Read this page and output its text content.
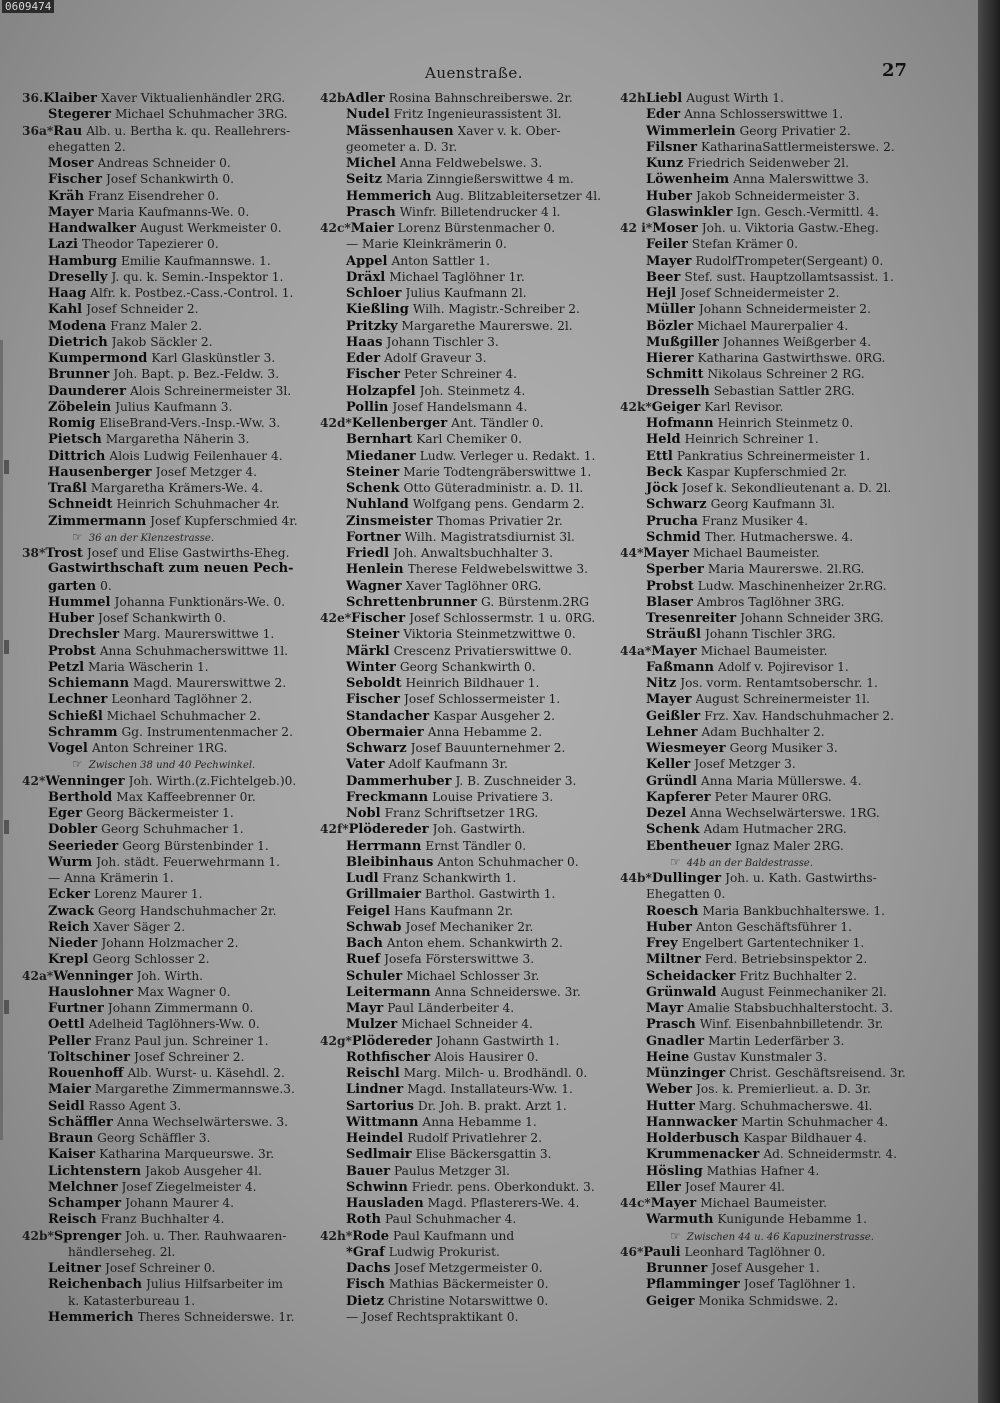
0609474
Auenstraße.	27
36. Klaiber Xaver Viktualienhändler 2RG.
Stegerer Michael Schuhmacher 3RG.
36a* Rau Alb. u. Bertha k. qu. Reallehrers-
ehegatten 2.
Moser Andreas Schneider 0.
Fischer Josef Schankwirth 0.
Kräh Franz Eisendreher 0.
Mayer Maria Kaufmanns-We. 0.
Handwalker August Werkmeister 0.
Lazi Theodor Tapezierer 0.
Hamburg Emilie Kaufmannswe. 1.
Dreselly J. qu. k. Semin.-Inspektor 1.
Haag Alfr. k. Postbez.-Cass.-Control. 1.
Kahl Josef Schneider 2.
Modena Franz Maler 2.
Dietrich Jakob Säckler 2.
Kumpermond Karl Glaskünstler 3.
Brunner Joh. Bapt. p. Bez.-Feldw. 3.
Daunderer Alois Schreinermeister 3l.
Zöbelein Julius Kaufmann 3.
Romig EliseBrand-Vers.-Insp.-Ww. 3.
Pietsch Margaretha Näherin 3.
Dittrich Alois Ludwig Feilenhauer 4.
Hausenberger Josef Metzger 4.
Traßl Margaretha Krämers-We. 4.
Schneidt Heinrich Schuhmacher 4r.
Zimmermann Josef Kupferschmied 4r.
☞ 36 an der Klenzestrasse.
38* Trost Josef und Elise Gastwirths-Eheg.
Gastwirthschaft zum neuen Pech-
garten 0.
Hummel Johanna Funktionärs-We. 0.
Huber Josef Schankwirth 0.
Drechsler Marg. Maurerswittwe 1.
Probst Anna Schuhmacherswittwe 1l.
Petzl Maria Wäscherin 1.
Schiemann Magd. Maurerswittwe 2.
Lechner Leonhard Taglöhner 2.
Schießl Michael Schuhmacher 2.
Schramm Gg. Instrumentenmacher 2.
Vogel Anton Schreiner 1RG.
☞ Zwischen 38 und 40 Pechwinkel.
42* Wenninger Joh. Wirth.(z.Fichtelgeb.)0.
Berthold Max Kaffeebrenner 0r.
Eger Georg Bäckermeister 1.
Dobler Georg Schuhmacher 1.
Seerieder Georg Bürstenbinder 1.
Wurm Joh. städt. Feuerwehrmann 1.
— Anna Krämerin 1.
Ecker Lorenz Maurer 1.
Zwack Georg Handschuhmacher 2r.
Reich Xaver Säger 2.
Nieder Johann Holzmacher 2.
Krepl Georg Schlosser 2.
42a* Wenninger Joh. Wirth.
Hauslohner Max Wagner 0.
Furtner Johann Zimmermann 0.
Oettl Adelheid Taglöhners-Ww. 0.
Peller Franz Paul jun. Schreiner 1.
Toltschiner Josef Schreiner 2.
Rouenhoff Alb. Wurst- u. Käsehdl. 2.
Maier Margarethe Zimmermannswe.3.
Seidl Rasso Agent 3.
Schäffler Anna Wechselwärterswe. 3.
Braun Georg Schäffler 3.
Kaiser Katharina Marqueurswe. 3r.
Lichtenstern Jakob Ausgeher 4l.
Melchner Josef Ziegelmeister 4.
Schamper Johann Maurer 4.
Reisch Franz Buchhalter 4.
42b* Sprenger Joh. u. Ther. Rauhwaaren-
händlerseheg. 2l.
Leitner Josef Schreiner 0.
Reichenbach Julius Hilfsarbeiter im
k. Katasterbureau 1.
Hemmerich Theres Schneiderswe. 1r.
42b Adler Rosina Bahnschreiberswe. 2r.
Nudel Fritz Ingenieurassistent 3l.
Mässenhausen Xaver v. k. Ober-
geometer a. D. 3r.
Michel Anna Feldwebelswe. 3.
Seitz Maria Zinngießerswittwe 4 m.
Hemmerich Aug. Blitzableitersetzer 4l.
Prasch Winfr. Billetendrucker 4 l.
42c* Maier Lorenz Bürstenmacher 0.
— Marie Kleinkrämerin 0.
Appel Anton Sattler 1.
Dräxl Michael Taglöhner 1r.
Schloer Julius Kaufmann 2l.
Kießling Wilh. Magistr.-Schreiber 2.
Pritzky Margarethe Maurerswe. 2l.
Haas Johann Tischler 3.
Eder Adolf Graveur 3.
Fischer Peter Schreiner 4.
Holzapfel Joh. Steinmetz 4.
Pollin Josef Handelsmann 4.
42d* Kellenberger Ant. Tändler 0.
Bernhart Karl Chemiker 0.
Miedaner Ludw. Verleger u. Redakt. 1.
Steiner Marie Todtengräberswittwe 1.
Schenk Otto Güteradministr. a. D. 1l.
Nuhland Wolfgang pens. Gendarm 2.
Zinsmeister Thomas Privatier 2r.
Fortner Wilh. Magistratsdiurnist 3l.
Friedl Joh. Anwaltsbuchhalter 3.
Henlein Therese Feldwebelswittwe 3.
Wagner Xaver Taglöhner 0RG.
Schrettenbrunner G. Bürstenm.2RG
42e* Fischer Josef Schlossermstr. 1 u. 0RG.
Steiner Viktoria Steinmetzwittwe 0.
Märkl Crescenz Privatierswittwe 0.
Winter Georg Schankwirth 0.
Seboldt Heinrich Bildhauer 1.
Fischer Josef Schlossermeister 1.
Standacher Kaspar Ausgeher 2.
Obermaier Anna Hebamme 2.
Schwarz Josef Bauunternehmer 2.
Vater Adolf Kaufmann 3r.
Dammerhuber J. B. Zuschneider 3.
Freckmann Louise Privatiere 3.
Nobl Franz Schriftsetzer 1RG.
42f* Plödereder Joh. Gastwirth.
Herrmann Ernst Tändler 0.
Bleibinhaus Anton Schuhmacher 0.
Ludl Franz Schankwirth 1.
Grillmaier Barthol. Gastwirth 1.
Feigel Hans Kaufmann 2r.
Schwab Josef Mechaniker 2r.
Bach Anton ehem. Schankwirth 2.
Ruef Josefa Försterswittwe 3.
Schuler Michael Schlosser 3r.
Leitermann Anna Schneiderswe. 3r.
Mayr Paul Länderbeiter 4.
Mulzer Michael Schneider 4.
42g* Plödereder Johann Gastwirth 1.
Rothfischer Alois Hausirer 0.
Reischl Marg. Milch- u. Brodhändl. 0.
Lindner Magd. Installateurs-Ww. 1.
Sartorius Dr. Joh. B. prakt. Arzt 1.
Wittmann Anna Hebamme 1.
Heindel Rudolf Privatlehrer 2.
Sedlmair Elise Bäckersgattin 3.
Bauer Paulus Metzger 3l.
Schwinn Friedr. pens. Oberkondukt. 3.
Hausladen Magd. Pflasterers-We. 4.
Roth Paul Schuhmacher 4.
42h* Rode Paul Kaufmann und
*Graf Ludwig Prokurist.
Dachs Josef Metzgermeister 0.
Fisch Mathias Bäckermeister 0.
Dietz Christine Notarswittwe 0.
— Josef Rechtspraktikant 0.
42h Liebl August Wirth 1.
Eder Anna Schlosserswittwe 1.
Wimmerlein Georg Privatier 2.
Filsner KatharinaSattlermeisterswe. 2.
Kunz Friedrich Seidenweber 2l.
Löwenheim Anna Malerswittwe 3.
Huber Jakob Schneidermeister 3.
Glaswinkler Ign. Gesch.-Vermittl. 4.
42 i* Moser Joh. u. Viktoria Gastw.-Eheg.
Feiler Stefan Krämer 0.
Mayer RudolfTrompeter(Sergeant) 0.
Beer Stef. sust. Hauptzollamtsassist. 1.
Hejl Josef Schneidermeister 2.
Müller Johann Schneidermeister 2.
Bözler Michael Maurerpalier 4.
Mußgiller Johannes Weißgerber 4.
Hierer Katharina Gastwirthswe. 0RG.
Schmitt Nikolaus Schreiner 2 RG.
Dresselh Sebastian Sattler 2RG.
42k* Geiger Karl Revisor.
Hofmann Heinrich Steinmetz 0.
Held Heinrich Schreiner 1.
Ettl Pankratius Schreinermeister 1.
Beck Kaspar Kupferschmied 2r.
Jöck Josef k. Sekondlieutenant a. D. 2l.
Schwarz Georg Kaufmann 3l.
Prucha Franz Musiker 4.
Schmid Ther. Hutmacherswe. 4.
44* Mayer Michael Baumeister.
Sperber Maria Maurerswe. 2l.RG.
Probst Ludw. Maschinenheizer 2r.RG.
Blaser Ambros Taglöhner 3RG.
Tresenreiter Johann Schneider 3RG.
Sträußl Johann Tischler 3RG.
44a* Mayer Michael Baumeister.
Faßmann Adolf v. Pojirevisor 1.
Nitz Jos. vorm. Rentamtsoberschr. 1.
Mayer August Schreinermeister 1l.
Geißler Frz. Xav. Handschuhmacher 2.
Lehner Adam Buchhalter 2.
Wiesmeyer Georg Musiker 3.
Keller Josef Metzger 3.
Gründl Anna Maria Müllerswe. 4.
Kapferer Peter Maurer 0RG.
Dezel Anna Wechselwärterswe. 1RG.
Schenk Adam Hutmacher 2RG.
Ebentheuer Ignaz Maler 2RG.
☞ 44b an der Baldestrasse.
44b* Dullinger Joh. u. Kath. Gastwirths-
Ehegatten 0.
Roesch Maria Bankbuchhalterswe. 1.
Huber Anton Geschäftsführer 1.
Frey Engelbert Gartentechniker 1.
Miltner Ferd. Betriebsinspektor 2.
Scheidacker Fritz Buchhalter 2.
Grünwald August Feinmechaniker 2l.
Mayr Amalie Stabsbuchhalterstocht. 3.
Prasch Winf. Eisenbahnbilletendr. 3r.
Gnadler Martin Lederfärber 3.
Heine Gustav Kunstmaler 3.
Münzinger Christ. Geschäftsreisend. 3r.
Weber Jos. k. Premierlieut. a. D. 3r.
Hutter Marg. Schuhmacherswe. 4l.
Hannwacker Martin Schuhmacher 4.
Holderbusch Kaspar Bildhauer 4.
Krummenacker Ad. Schneidermstr. 4.
Hösling Mathias Hafner 4.
Eller Josef Maurer 4l.
44c* Mayer Michael Baumeister.
Warmuth Kunigunde Hebamme 1.
☞ Zwischen 44 u. 46 Kapuzinerstrasse.
46* Pauli Leonhard Taglöhner 0.
Brunner Josef Ausgeher 1.
Pflamminger Josef Taglöhner 1.
Geiger Monika Schmidswe. 2.
